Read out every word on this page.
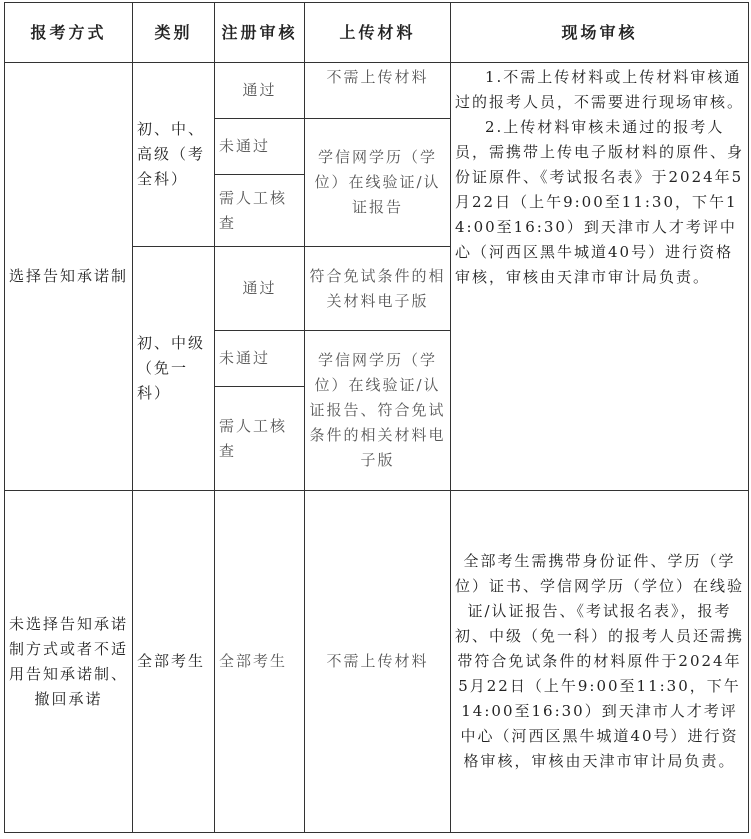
报考方式	类别	注册审核	上传材料	现场审核
选择告知承诺制	初、中、高级（考全科）	通过	不需上传材料	1.不需上传材料或上传材料审核通过的报考人员，不需要进行现场审核。
2.上传材料审核未通过的报考人员，需携带上传电子版材料的原件、身份证原件、《考试报名表》于2024年5月22日（上午9:00至11:30，下午14:00至16:30）到天津市人才考评中心（河西区黑牛城道40号）进行资格审核，审核由天津市审计局负责。

		未通过	学信网学历（学位）在线验证/认证报告	
		需人工核查		
	初、中级（免一科）	通过	符合免试条件的相关材料电子版	
		未通过	学信网学历（学位）在线验证/认证报告、符合免试条件的相关材料电子版	
		需人工核查		
未选择告知承诺制方式或者不适用告知承诺制、撤回承诺	全部考生	全部考生	不需上传材料	全部考生需携带身份证件、学历（学位）证书、学信网学历（学位）在线验证/认证报告、《考试报名表》，报考初、中级（免一科）的报考人员还需携带符合免试条件的材料原件于2024年5月22日（上午9:00至11:30，下午14:00至16:30）到天津市人才考评中心（河西区黑牛城道40号）进行资格审核，审核由天津市审计局负责。
